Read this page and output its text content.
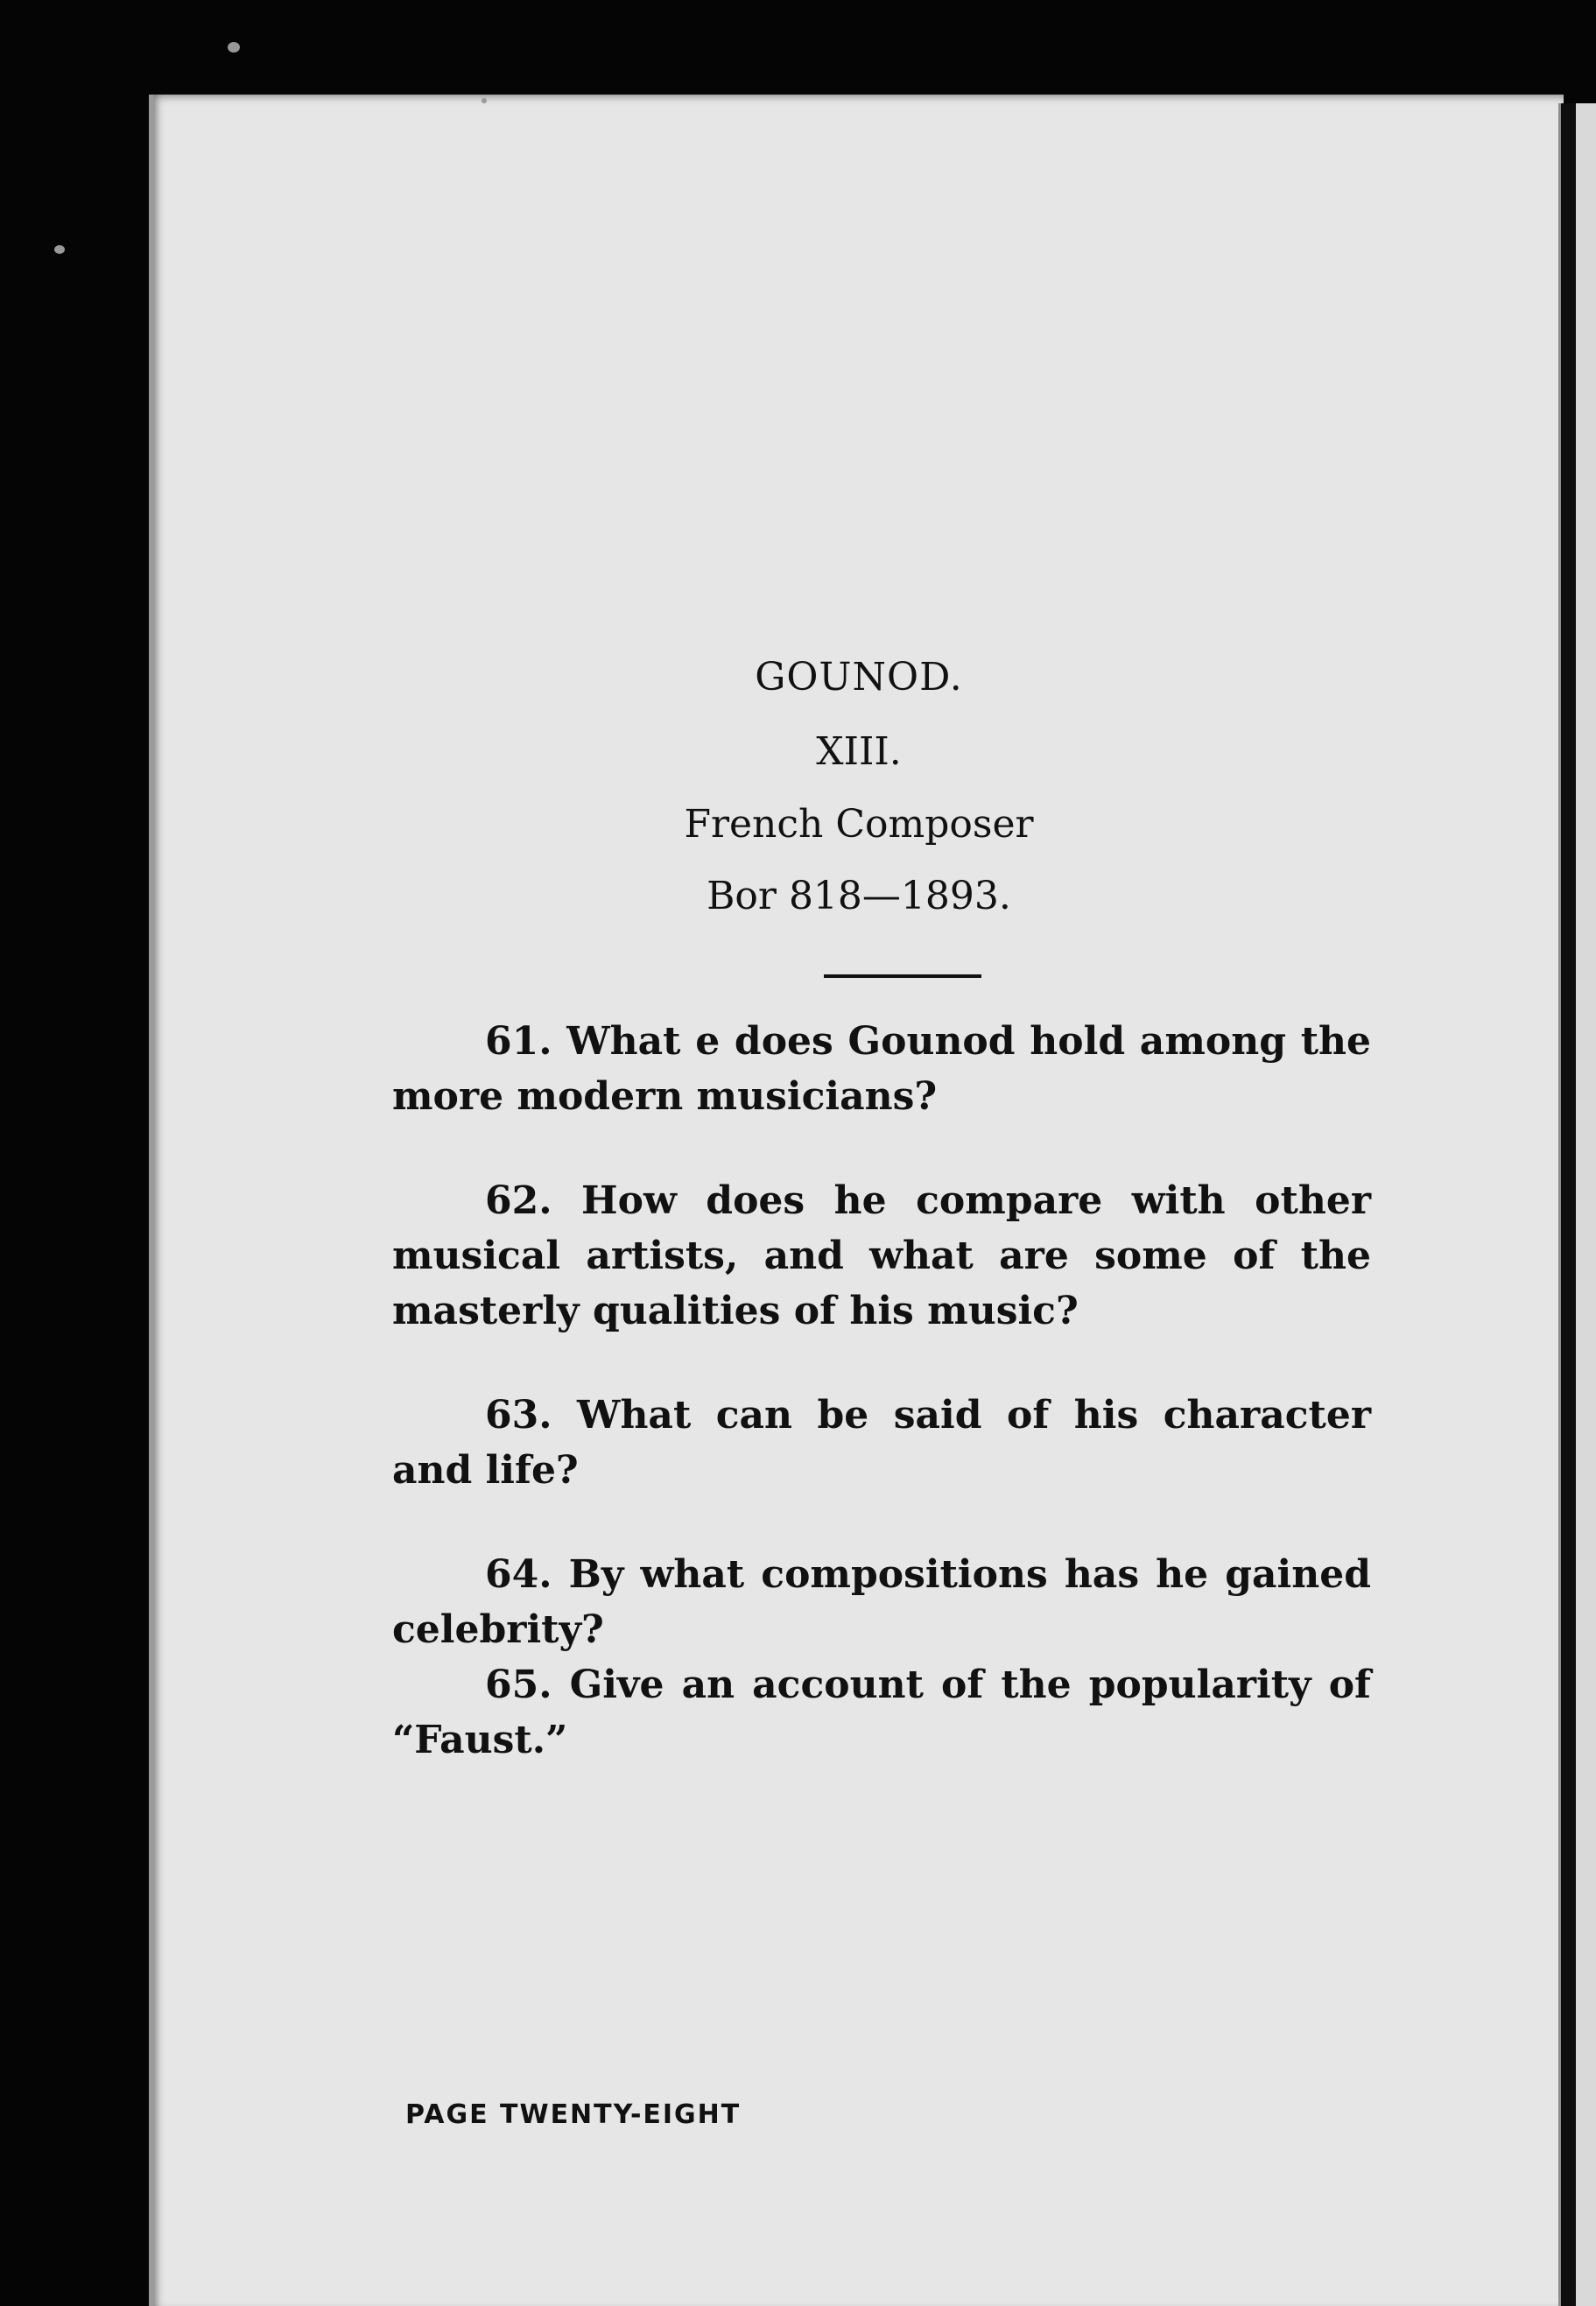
GOUNOD.
XIII.
French Composer
Bor 818—1893.

61. What e does Gounod hold among the more modern musicians?

62. How does he compare with other musical artists, and what are some of the masterly qualities of his music?

63. What can be said of his character and life?

64. By what compositions has he gained celebrity?

65. Give an account of the popularity of “Faust.”

PAGE TWENTY-EIGHT
